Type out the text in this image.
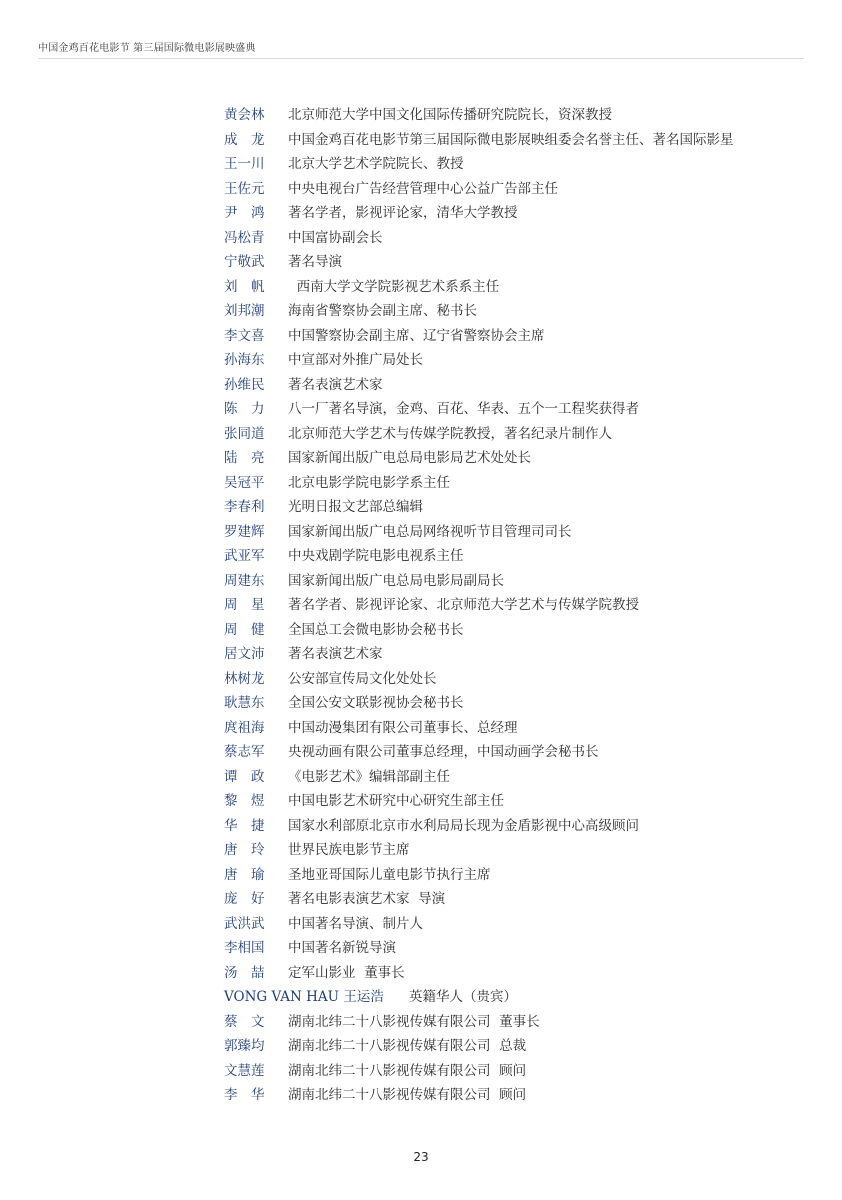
中国金鸡百花电影节 第三届国际微电影展映盛典
黄会林 北京师范大学中国文化国际传播研究院院长，资深教授
成　龙 中国金鸡百花电影节第三届国际微电影展映组委会名誉主任、著名国际影星
王一川 北京大学艺术学院院长、教授
王佐元 中央电视台广告经营管理中心公益广告部主任
尹　鸿 著名学者，影视评论家，清华大学教授
冯松青 中国富协副会长
宁敬武 著名导演
刘　帆  西南大学文学院影视艺术系系主任
刘邦潮 海南省警察协会副主席、秘书长
李文喜 中国警察协会副主席、辽宁省警察协会主席
孙海东 中宣部对外推广局处长
孙维民 著名表演艺术家
陈　力 八一厂著名导演，金鸡、百花、华表、五个一工程奖获得者
张同道 北京师范大学艺术与传媒学院教授，著名纪录片制作人
陆　亮 国家新闻出版广电总局电影局艺术处处长
吴冠平 北京电影学院电影学系主任
李春利 光明日报文艺部总编辑
罗建辉 国家新闻出版广电总局网络视听节目管理司司长
武亚军 中央戏剧学院电影电视系主任
周建东 国家新闻出版广电总局电影局副局长
周　星 著名学者、影视评论家、北京师范大学艺术与传媒学院教授
周　健 全国总工会微电影协会秘书长
居文沛 著名表演艺术家
林树龙 公安部宣传局文化处处长
耿慧东 全国公安文联影视协会秘书长
庹祖海 中国动漫集团有限公司董事长、总经理
蔡志军 央视动画有限公司董事总经理，中国动画学会秘书长
谭　政 《电影艺术》编辑部副主任
黎　煜 中国电影艺术研究中心研究生部主任
华　捷 国家水利部原北京市水利局局长现为金盾影视中心高级顾问
唐　玲 世界民族电影节主席
唐　瑜 圣地亚哥国际儿童电影节执行主席
庞　好 著名电影表演艺术家  导演
武洪武 中国著名导演、制片人
李相国 中国著名新锐导演
汤　喆 定军山影业  董事长
VONG VAN HAU 王运浩    英籍华人（贵宾）
蔡　文 湖南北纬二十八影视传媒有限公司  董事长
郭臻均 湖南北纬二十八影视传媒有限公司  总裁
文慧莲 湖南北纬二十八影视传媒有限公司  顾问
李　华 湖南北纬二十八影视传媒有限公司  顾问
23
